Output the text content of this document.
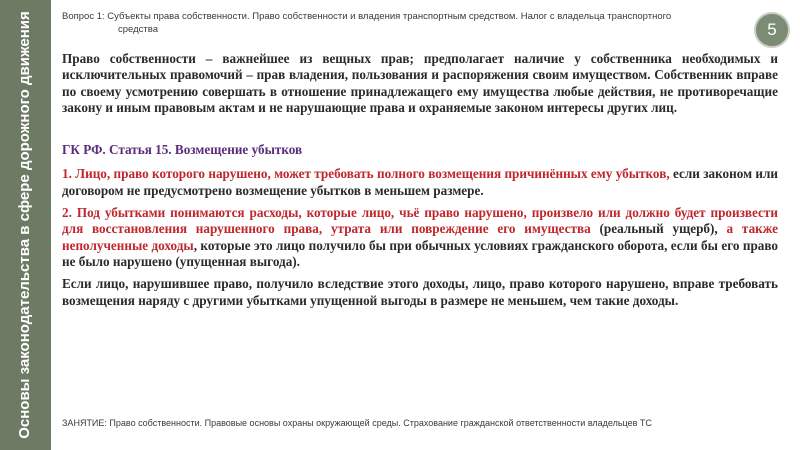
Основы законодательства в сфере дорожного движения	Вопрос 1: Субъекты права собственности. Право собственности и владения транспортным средством. Налог с владельца транспортного
средства	5

Право собственности – важнейшее из вещных прав; предполагает наличие у собственника необходимых и исключительных правомочий – прав владения, пользования и распоряжения своим имуществом. Собственник вправе по своему усмотрению совершать в отношение принадлежащего ему имущества любые действия, не противоречащие закону и иным правовым актам и не нарушающие права и охраняемые законом интересы других лиц.

ГК РФ. Статья 15. Возмещение убытков

1. Лицо, право которого нарушено, может требовать полного возмещения причинённых ему убытков, если законом или договором не предусмотрено возмещение убытков в меньшем размере.

2. Под убытками понимаются расходы, которые лицо, чьё право нарушено, произвело или должно будет произвести для восстановления нарушенного права, утрата или повреждение его имущества (реальный ущерб), а также неполученные доходы, которые это лицо получило бы при обычных условиях гражданского оборота, если бы его право не было нарушено (упущенная выгода).

Если лицо, нарушившее право, получило вследствие этого доходы, лицо, право которого нарушено, вправе требовать возмещения наряду с другими убытками упущенной выгоды в размере не меньшем, чем такие доходы.

ЗАНЯТИЕ: Право собственности. Правовые основы охраны окружающей среды. Страхование гражданской ответственности владельцев ТС
